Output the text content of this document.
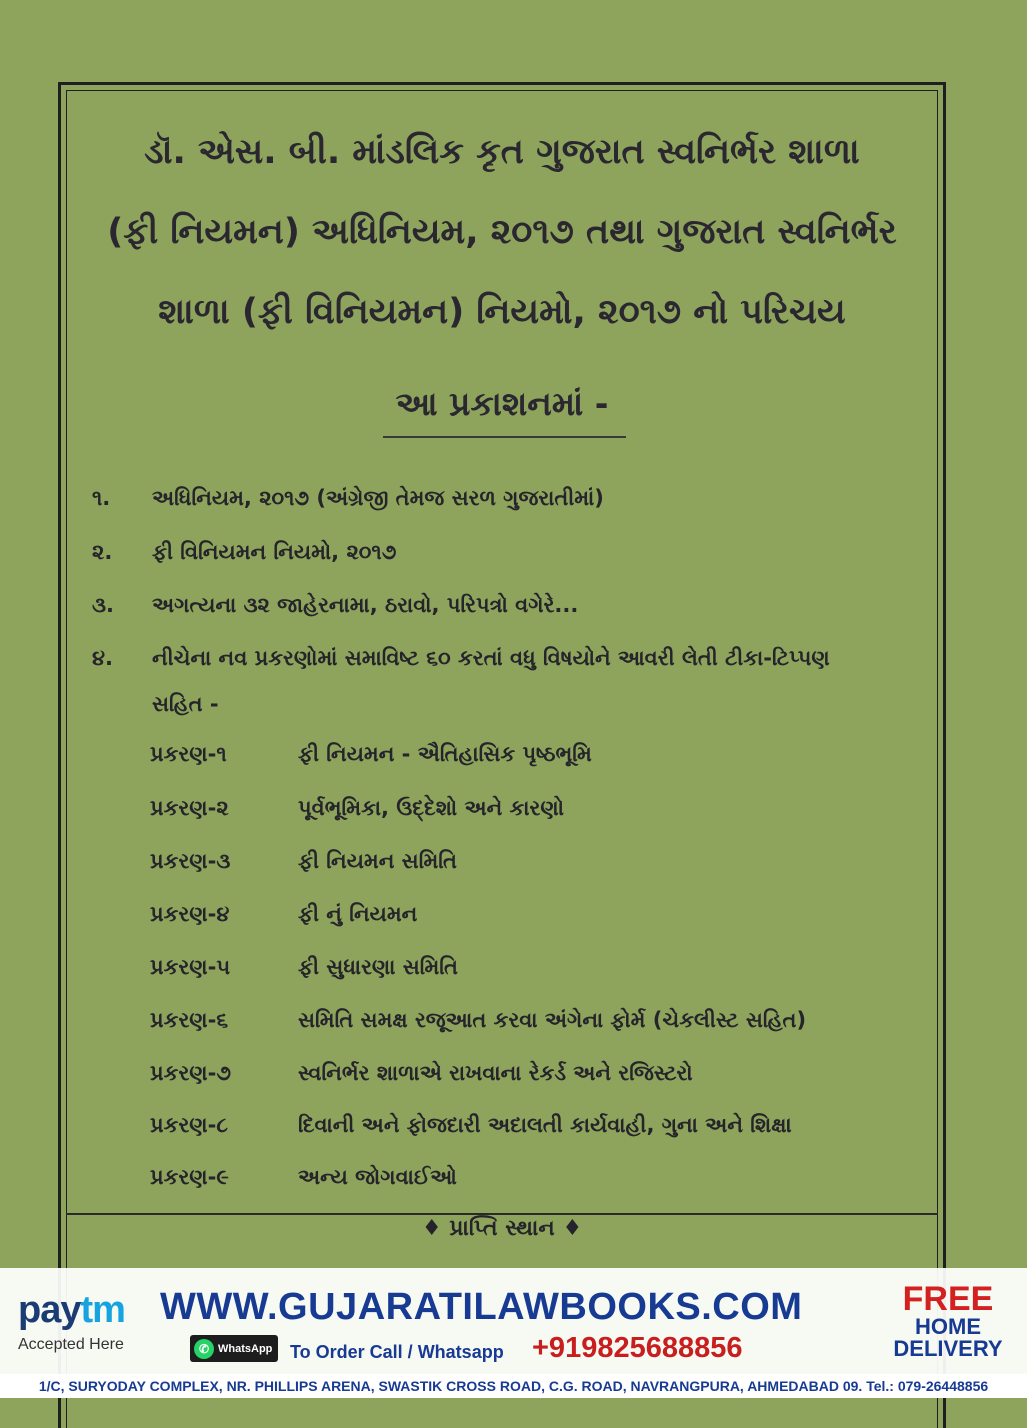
ડૉ. એસ. બી. માંડલિક કૃત ગુજરાત સ્વનિર્ભર શાળા
(ફી નિયમન) અધિનિયમ, ૨૦૧૭ તથા ગુજરાત સ્વનિર્ભર
શાળા (ફી વિનિયમન) નિયમો, ૨૦૧૭ નો પરિચય
આ પ્રકાશનમાં -
૧. અધિનિયમ, ૨૦૧૭ (અંગ્રેજી તેમજ સરળ ગુજરાતીમાં)
૨. ફી વિનિયમન નિયમો, ૨૦૧૭
૩. અગત્યના ૩૨ જાહેરનામા, ઠરાવો, પરિપત્રો વગેરે...
૪. નીચેના નવ પ્રકરણોમાં સમાવિષ્ટ ૬૦ કરતાં વધુ વિષયોને આવરી લેતી ટીકા-ટિપ્પણ
સહિત -
પ્રકરણ-૧	ફી નિયમન - ઐતિહાસિક પૃષ્ઠભૂમિ
પ્રકરણ-૨	પૂર્વભૂમિકા, ઉદ્દેશો અને કારણો
પ્રકરણ-૩	ફી નિયમન સમિતિ
પ્રકરણ-૪	ફી નું નિયમન
પ્રકરણ-૫	ફી સુધારણા સમિતિ
પ્રકરણ-૬	સમિતિ સમક્ષ રજૂઆત કરવા અંગેના ફોર્મ (ચેકલીસ્ટ સહિત)
પ્રકરણ-૭	સ્વનિર્ભર શાળાએ રાખવાના રેકર્ડ અને રજિસ્ટરો
પ્રકરણ-૮	દિવાની અને ફોજદારી અદાલતી કાર્યવાહી, ગુના અને શિક્ષા
પ્રકરણ-૯	અન્ય જોગવાઈઓ
♦ પ્રાપ્તિ સ્થાન ♦
paytm
Accepted Here
WWW.GUJARATILAWBOOKS.COM
✆ WhatsApp To Order Call / Whatsapp +919825688856
FREE
HOME
DELIVERY
1/C, SURYODAY COMPLEX, NR. PHILLIPS ARENA, SWASTIK CROSS ROAD, C.G. ROAD, NAVRANGPURA, AHMEDABAD 09. Tel.: 079-26448856
